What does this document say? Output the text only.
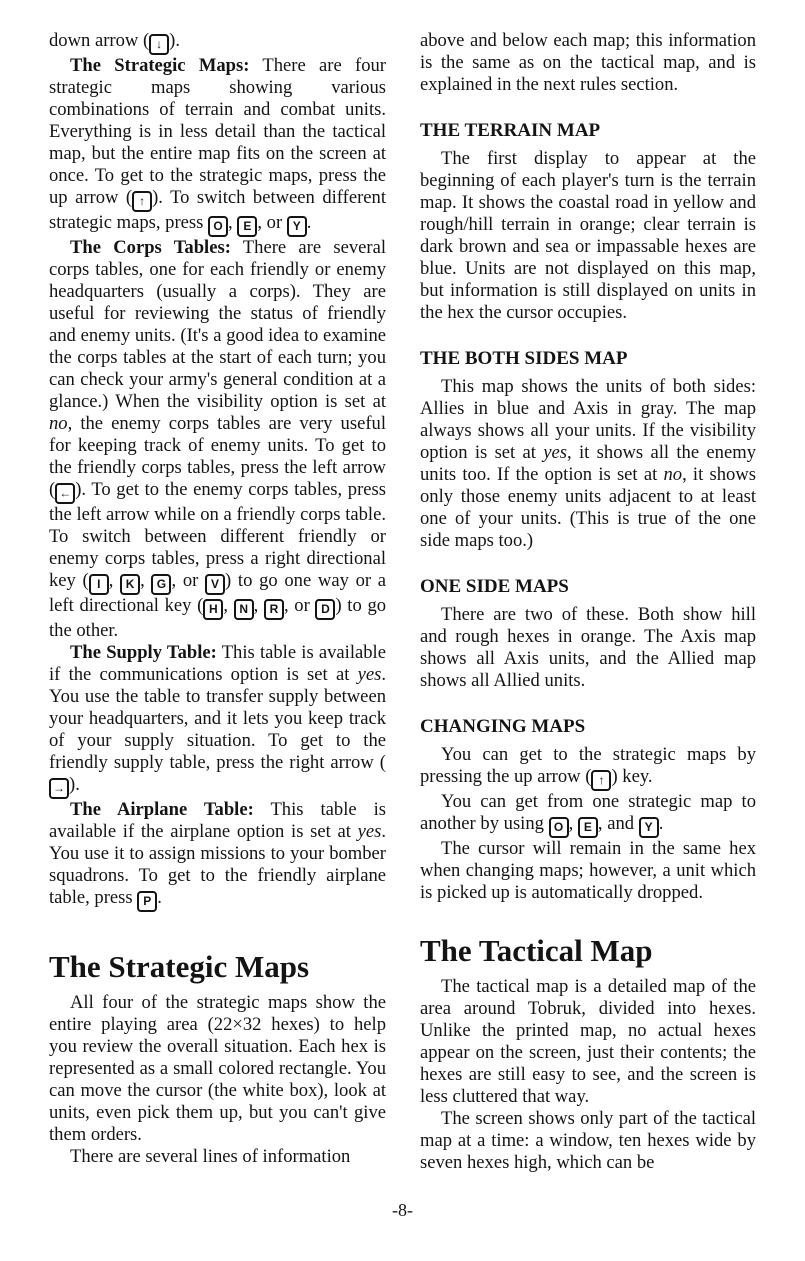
down arrow ( ↓ ).

The Strategic Maps: There are four strategic maps showing various combinations of terrain and combat units. Everything is in less detail than the tactical map, but the entire map fits on the screen at once. To get to the strategic maps, press the up arrow ( ↑ ). To switch between different strategic maps, press O , E , or Y .

The Corps Tables: There are several corps tables, one for each friendly or enemy headquarters (usually a corps). They are useful for reviewing the status of friendly and enemy units. (It's a good idea to examine the corps tables at the start of each turn; you can check your army's general condition at a glance.) When the visibility option is set at no, the enemy corps tables are very useful for keeping track of enemy units. To get to the friendly corps tables, press the left arrow ( ← ). To get to the enemy corps tables, press the left arrow while on a friendly corps table. To switch between different friendly or enemy corps tables, press a right directional key ( I , K , G , or V ) to go one way or a left directional key ( H , N , R , or D ) to go the other.

The Supply Table: This table is available if the communications option is set at yes. You use the table to transfer supply between your headquarters, and it lets you keep track of your supply situation. To get to the friendly supply table, press the right arrow (→ ).

The Airplane Table: This table is available if the airplane option is set at yes. You use it to assign missions to your bomber squadrons. To get to the friendly airplane table, press P .

The Strategic Maps

All four of the strategic maps show the entire playing area (22×32 hexes) to help you review the overall situation. Each hex is represented as a small colored rectangle. You can move the cursor (the white box), look at units, even pick them up, but you can't give them orders.

There are several lines of information

above and below each map; this information is the same as on the tactical map, and is explained in the next rules section.

THE TERRAIN MAP

The first display to appear at the beginning of each player's turn is the terrain map. It shows the coastal road in yellow and rough/hill terrain in orange; clear terrain is dark brown and sea or impassable hexes are blue. Units are not displayed on this map, but information is still displayed on units in the hex the cursor occupies.

THE BOTH SIDES MAP

This map shows the units of both sides: Allies in blue and Axis in gray. The map always shows all your units. If the visibility option is set at yes, it shows all the enemy units too. If the option is set at no, it shows only those enemy units adjacent to at least one of your units. (This is true of the one side maps too.)

ONE SIDE MAPS

There are two of these. Both show hill and rough hexes in orange. The Axis map shows all Axis units, and the Allied map shows all Allied units.

CHANGING MAPS

You can get to the strategic maps by pressing the up arrow ( ↑ ) key.

You can get from one strategic map to another by using O , E , and Y .

The cursor will remain in the same hex when changing maps; however, a unit which is picked up is automatically dropped.

The Tactical Map

The tactical map is a detailed map of the area around Tobruk, divided into hexes. Unlike the printed map, no actual hexes appear on the screen, just their contents; the hexes are still easy to see, and the screen is less cluttered that way.

The screen shows only part of the tactical map at a time: a window, ten hexes wide by seven hexes high, which can be

-8-
